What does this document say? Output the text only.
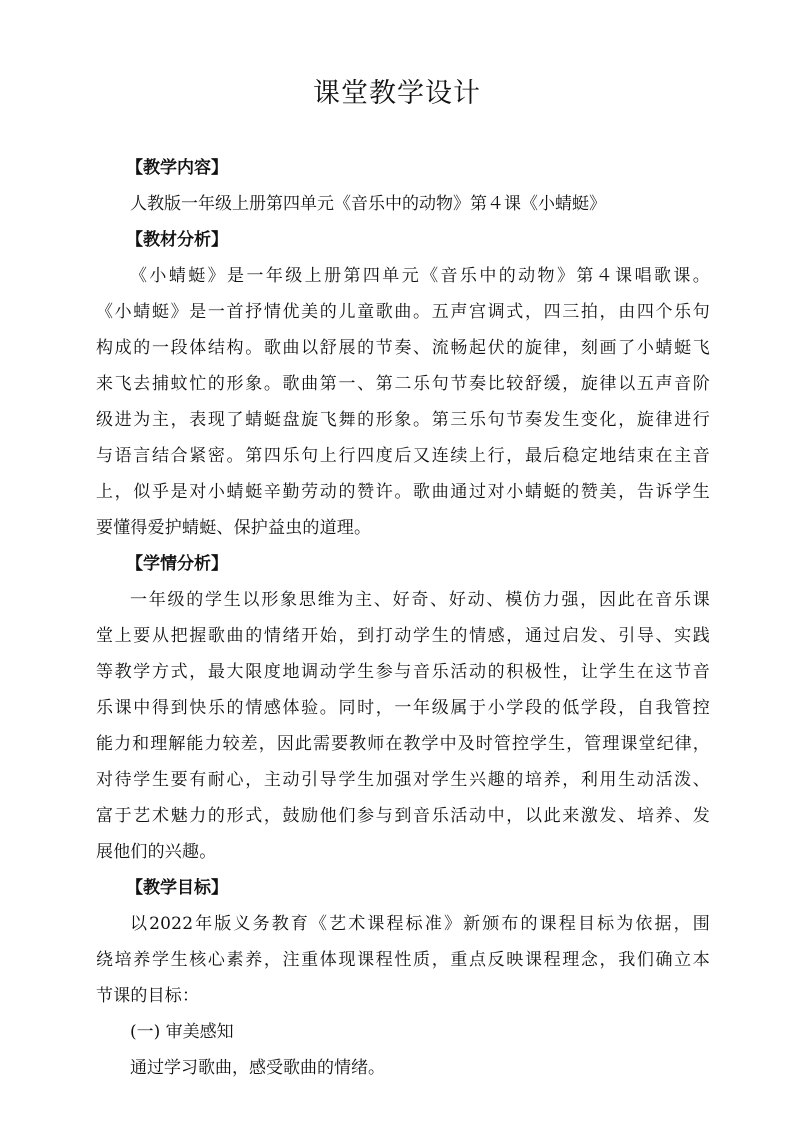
课堂教学设计
【教学内容】
人教版一年级上册第四单元《音乐中的动物》第４课《小蜻蜓》
【教材分析】
《小蜻蜓》是一年级上册第四单元《音乐中的动物》第４课唱歌课。
《小蜻蜓》是一首抒情优美的儿童歌曲。五声宫调式，四三拍，由四个乐句
构成的一段体结构。歌曲以舒展的节奏、流畅起伏的旋律，刻画了小蜻蜓飞
来飞去捕蚊忙的形象。歌曲第一、第二乐句节奏比较舒缓，旋律以五声音阶
级进为主，表现了蜻蜓盘旋飞舞的形象。第三乐句节奏发生变化，旋律进行
与语言结合紧密。第四乐句上行四度后又连续上行，最后稳定地结束在主音
上，似乎是对小蜻蜓辛勤劳动的赞许。歌曲通过对小蜻蜓的赞美，告诉学生
要懂得爱护蜻蜓、保护益虫的道理。
【学情分析】
一年级的学生以形象思维为主、好奇、好动、模仿力强，因此在音乐课
堂上要从把握歌曲的情绪开始，到打动学生的情感，通过启发、引导、实践
等教学方式，最大限度地调动学生参与音乐活动的积极性，让学生在这节音
乐课中得到快乐的情感体验。同时，一年级属于小学段的低学段，自我管控
能力和理解能力较差，因此需要教师在教学中及时管控学生，管理课堂纪律，
对待学生要有耐心，主动引导学生加强对学生兴趣的培养，利用生动活泼、
富于艺术魅力的形式，鼓励他们参与到音乐活动中，以此来激发、培养、发
展他们的兴趣。
【教学目标】
以2022年版义务教育《艺术课程标准》新颁布的课程目标为依据，围
绕培养学生核心素养，注重体现课程性质，重点反映课程理念，我们确立本
节课的目标：
(一) 审美感知
通过学习歌曲，感受歌曲的情绪。
